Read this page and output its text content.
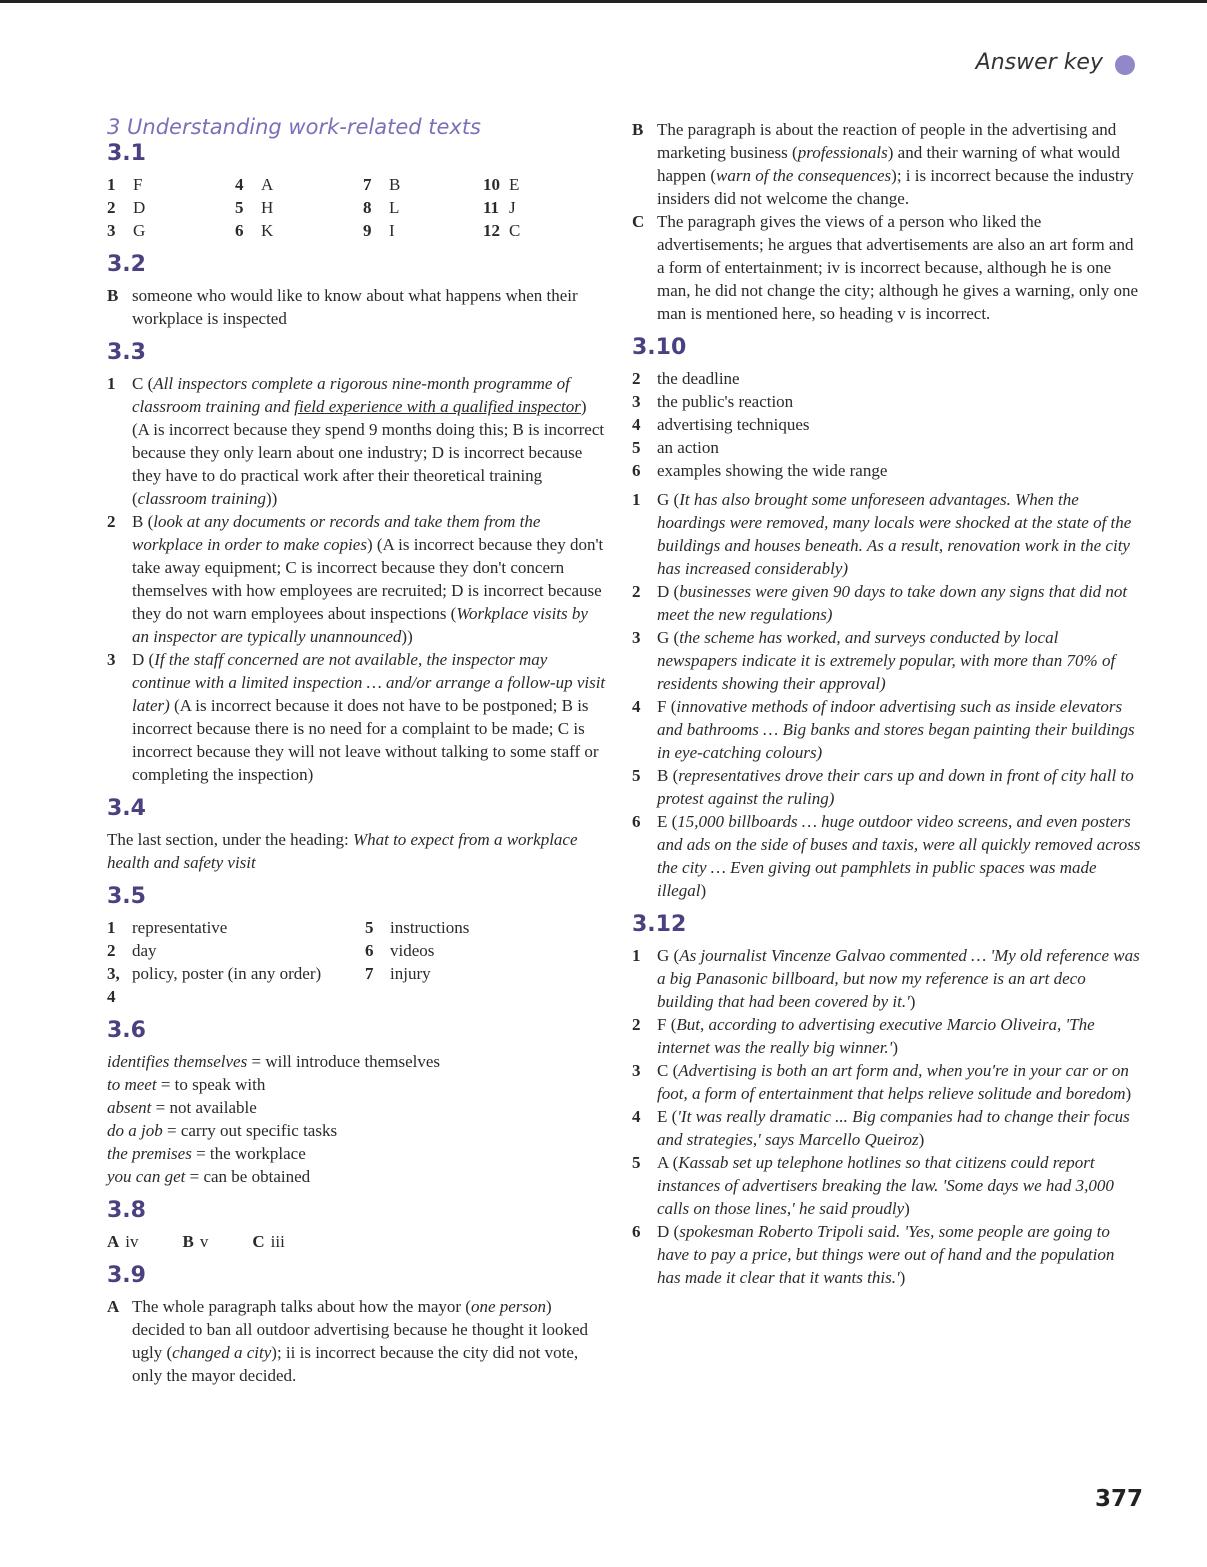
Answer key
3 Understanding work-related texts
3.1
1 F	4 A	7 B	10 E
2 D	5 H	8 L	11 J
3 G	6 K	9 I	12 C
3.2
B someone who would like to know about what happens when their workplace is inspected
3.3
1 C (All inspectors complete a rigorous nine-month programme of classroom training and field experience with a qualified inspector) (A is incorrect because they spend 9 months doing this; B is incorrect because they only learn about one industry; D is incorrect because they have to do practical work after their theoretical training (classroom training))
2 B (look at any documents or records and take them from the workplace in order to make copies) (A is incorrect because they don't take away equipment; C is incorrect because they don't concern themselves with how employees are recruited; D is incorrect because they do not warn employees about inspections (Workplace visits by an inspector are typically unannounced))
3 D (If the staff concerned are not available, the inspector may continue with a limited inspection … and/or arrange a follow-up visit later) (A is incorrect because it does not have to be postponed; B is incorrect because there is no need for a complaint to be made; C is incorrect because they will not leave without talking to some staff or completing the inspection)
3.4
The last section, under the heading: What to expect from a workplace health and safety visit
3.5
1 representative
2 day
3, 4
policy, poster (in any order)
5 instructions
6 videos
7 injury
3.6
identifies themselves = will introduce themselves
to meet = to speak with
absent = not available
do a job = carry out specific tasks
the premises = the workplace
you can get = can be obtained
3.8
A iv	B v	C iii
3.9
A The whole paragraph talks about how the mayor (one person) decided to ban all outdoor advertising because he thought it looked ugly (changed a city); ii is incorrect because the city did not vote, only the mayor decided.
B The paragraph is about the reaction of people in the advertising and marketing business (professionals) and their warning of what would happen (warn of the consequences); i is incorrect because the industry insiders did not welcome the change.
C The paragraph gives the views of a person who liked the advertisements; he argues that advertisements are also an art form and a form of entertainment; iv is incorrect because, although he is one man, he did not change the city; although he gives a warning, only one man is mentioned here, so heading v is incorrect.
3.10
2 the deadline
3 the public's reaction
4 advertising techniques
5 an action
6 examples showing the wide range
1 G (It has also brought some unforeseen advantages. When the hoardings were removed, many locals were shocked at the state of the buildings and houses beneath. As a result, renovation work in the city has increased considerably)
2 D (businesses were given 90 days to take down any signs that did not meet the new regulations)
3 G (the scheme has worked, and surveys conducted by local newspapers indicate it is extremely popular, with more than 70% of residents showing their approval)
4 F (innovative methods of indoor advertising such as inside elevators and bathrooms … Big banks and stores began painting their buildings in eye-catching colours)
5 B (representatives drove their cars up and down in front of city hall to protest against the ruling)
6 E (15,000 billboards … huge outdoor video screens, and even posters and ads on the side of buses and taxis, were all quickly removed across the city … Even giving out pamphlets in public spaces was made illegal)
3.12
1 G (As journalist Vincenze Galvao commented … 'My old reference was a big Panasonic billboard, but now my reference is an art deco building that had been covered by it.')
2 F (But, according to advertising executive Marcio Oliveira, 'The internet was the really big winner.')
3 C (Advertising is both an art form and, when you're in your car or on foot, a form of entertainment that helps relieve solitude and boredom)
4 E ('It was really dramatic ... Big companies had to change their focus and strategies,' says Marcello Queiroz)
5 A (Kassab set up telephone hotlines so that citizens could report instances of advertisers breaking the law. 'Some days we had 3,000 calls on those lines,' he said proudly)
6 D (spokesman Roberto Tripoli said. 'Yes, some people are going to have to pay a price, but things were out of hand and the population has made it clear that it wants this.')
377
